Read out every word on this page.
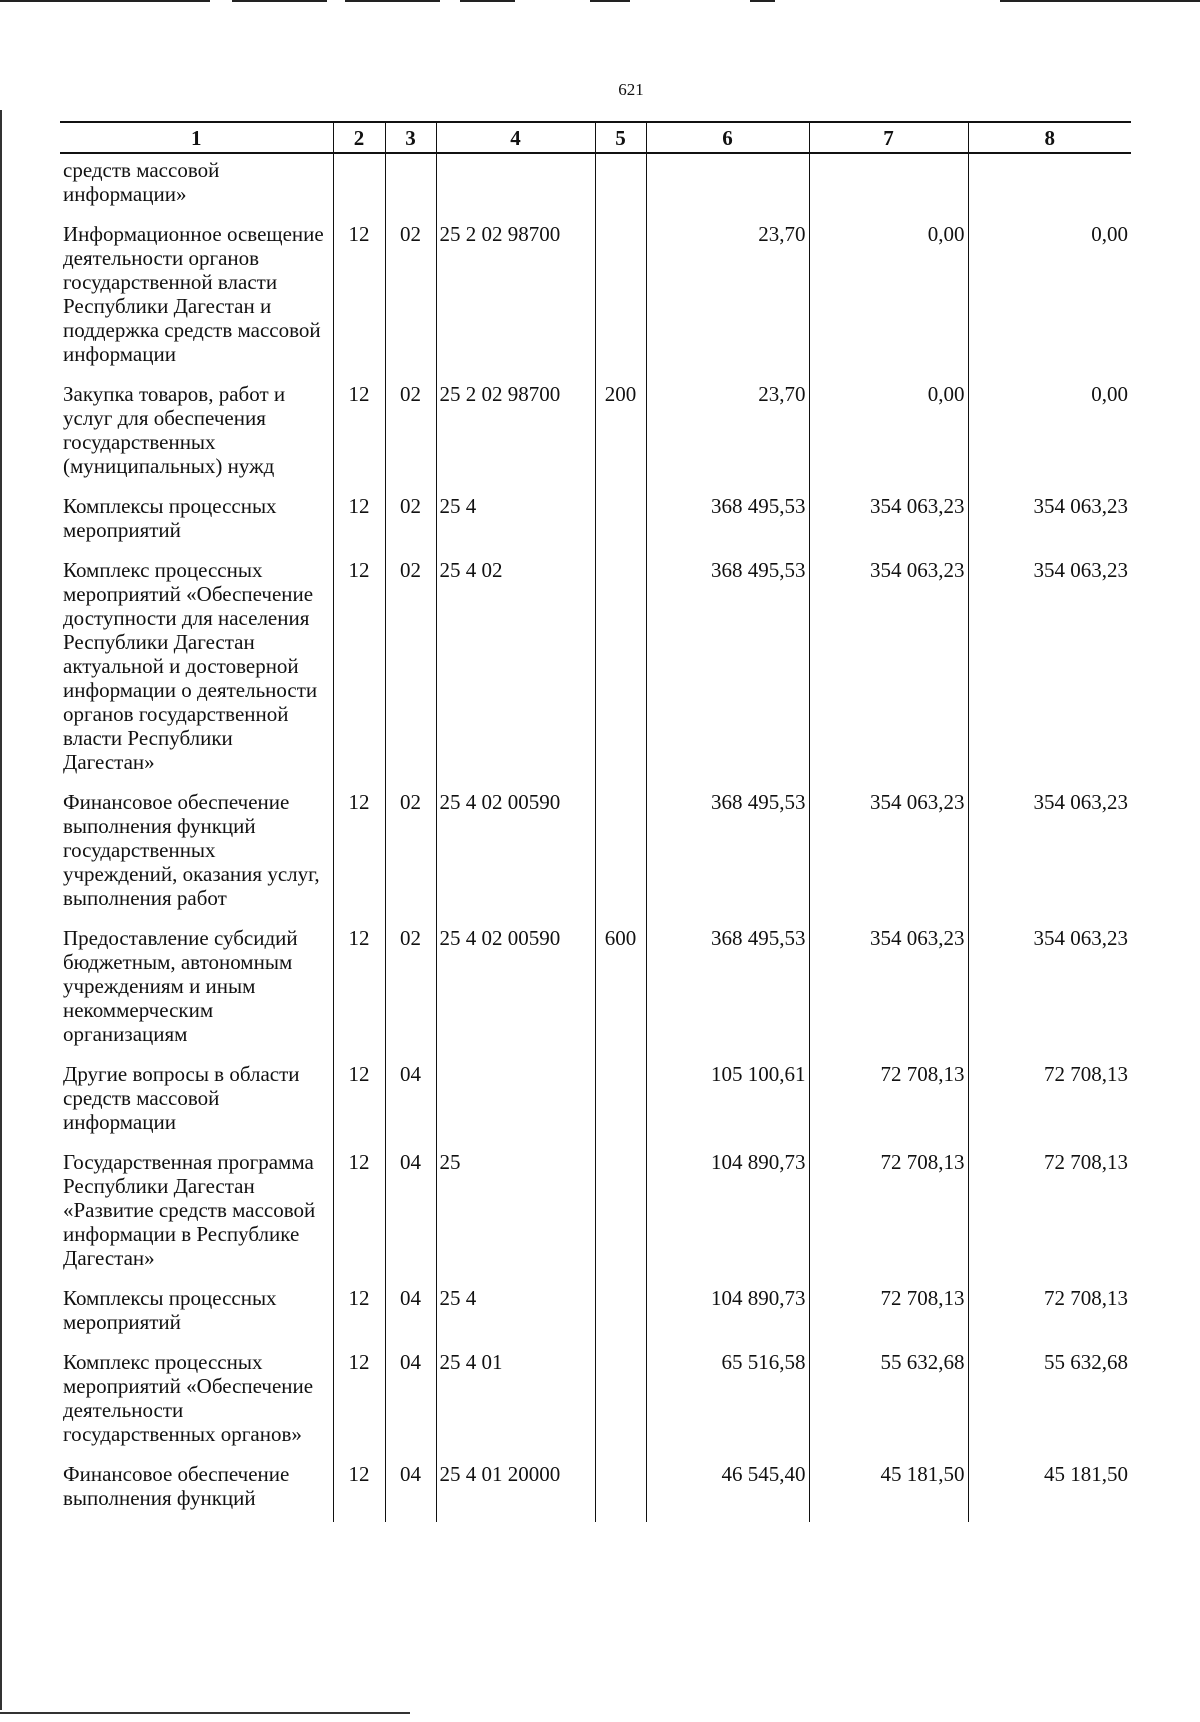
621
1	2	3	4	5	6	7	8
средств массовой информации»							
Информационное освещение деятельности органов государственной власти Республики Дагестан и поддержка средств массовой информации	12	02	25 2 02 98700		23,70	0,00	0,00
Закупка товаров, работ и услуг для обеспечения государственных (муниципальных) нужд	12	02	25 2 02 98700	200	23,70	0,00	0,00
Комплексы процессных мероприятий	12	02	25 4		368 495,53	354 063,23	354 063,23
Комплекс процессных мероприятий «Обеспечение доступности для населения Республики Дагестан актуальной и достоверной информации о деятельности органов государственной власти Республики Дагестан»	12	02	25 4 02		368 495,53	354 063,23	354 063,23
Финансовое обеспечение выполнения функций государственных учреждений, оказания услуг, выполнения работ	12	02	25 4 02 00590		368 495,53	354 063,23	354 063,23
Предоставление субсидий бюджетным, автономным учреждениям и иным некоммерческим организациям	12	02	25 4 02 00590	600	368 495,53	354 063,23	354 063,23
Другие вопросы в области средств массовой информации	12	04			105 100,61	72 708,13	72 708,13
Государственная программа Республики Дагестан «Развитие средств массовой информации в Республике Дагестан»	12	04	25		104 890,73	72 708,13	72 708,13
Комплексы процессных мероприятий	12	04	25 4		104 890,73	72 708,13	72 708,13
Комплекс процессных мероприятий «Обеспечение деятельности государственных органов»	12	04	25 4 01		65 516,58	55 632,68	55 632,68
Финансовое обеспечение выполнения функций	12	04	25 4 01 20000		46 545,40	45 181,50	45 181,50
